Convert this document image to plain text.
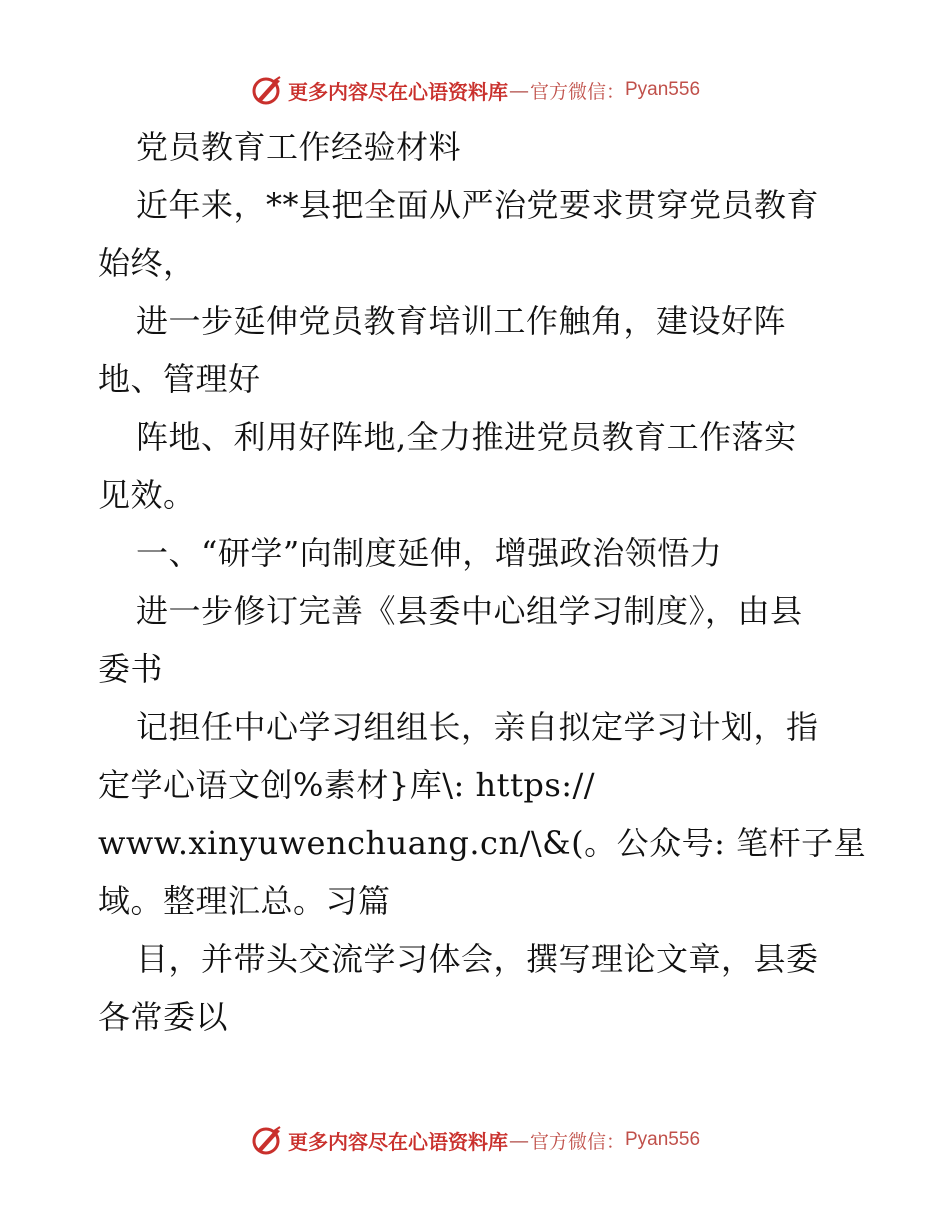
更多内容尽在心语资料库 — 官方微信： Pyan556
党员教育工作经验材料
近年来，**县把全面从严治党要求贯穿党员教育
始终，
进一步延伸党员教育培训工作触角，建设好阵
地、管理好
阵地、利用好阵地,全力推进党员教育工作落实
见效。
一、“研学”向制度延伸，增强政治领悟力
进一步修订完善《县委中心组学习制度》，由县
委书
记担任中心学习组组长，亲自拟定学习计划，指
定学心语文创%素材}库\: https://
www.xinyuwenchuang.cn/\&(。公众号: 笔杆子星
域。整理汇总。习篇
目，并带头交流学习体会，撰写理论文章，县委
各常委以
更多内容尽在心语资料库 — 官方微信： Pyan556
